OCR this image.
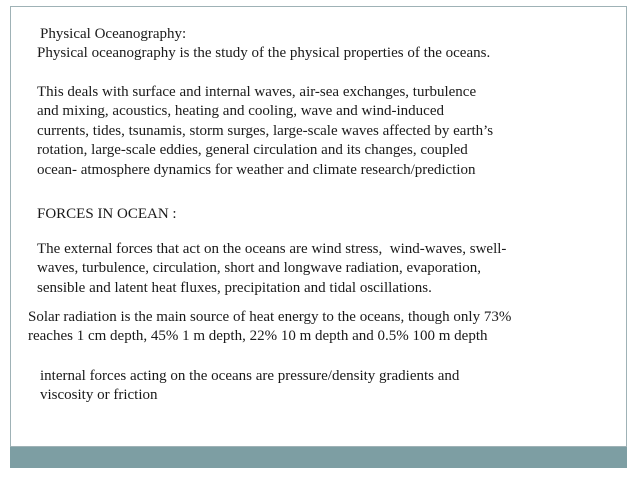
Physical Oceanography:
Physical oceanography is the study of the physical properties of the oceans.
This deals with surface and internal waves, air-sea exchanges, turbulence
and mixing, acoustics, heating and cooling, wave and wind-induced
currents, tides, tsunamis, storm surges, large-scale waves affected by earth’s
rotation, large-scale eddies, general circulation and its changes, coupled
ocean- atmosphere dynamics for weather and climate research/prediction
FORCES IN OCEAN :
The external forces that act on the oceans are wind stress,  wind-waves, swell-
waves, turbulence, circulation, short and longwave radiation, evaporation,
sensible and latent heat fluxes, precipitation and tidal oscillations.
Solar radiation is the main source of heat energy to the oceans, though only 73%
reaches 1 cm depth, 45% 1 m depth, 22% 10 m depth and 0.5% 100 m depth
internal forces acting on the oceans are pressure/density gradients and
viscosity or friction
